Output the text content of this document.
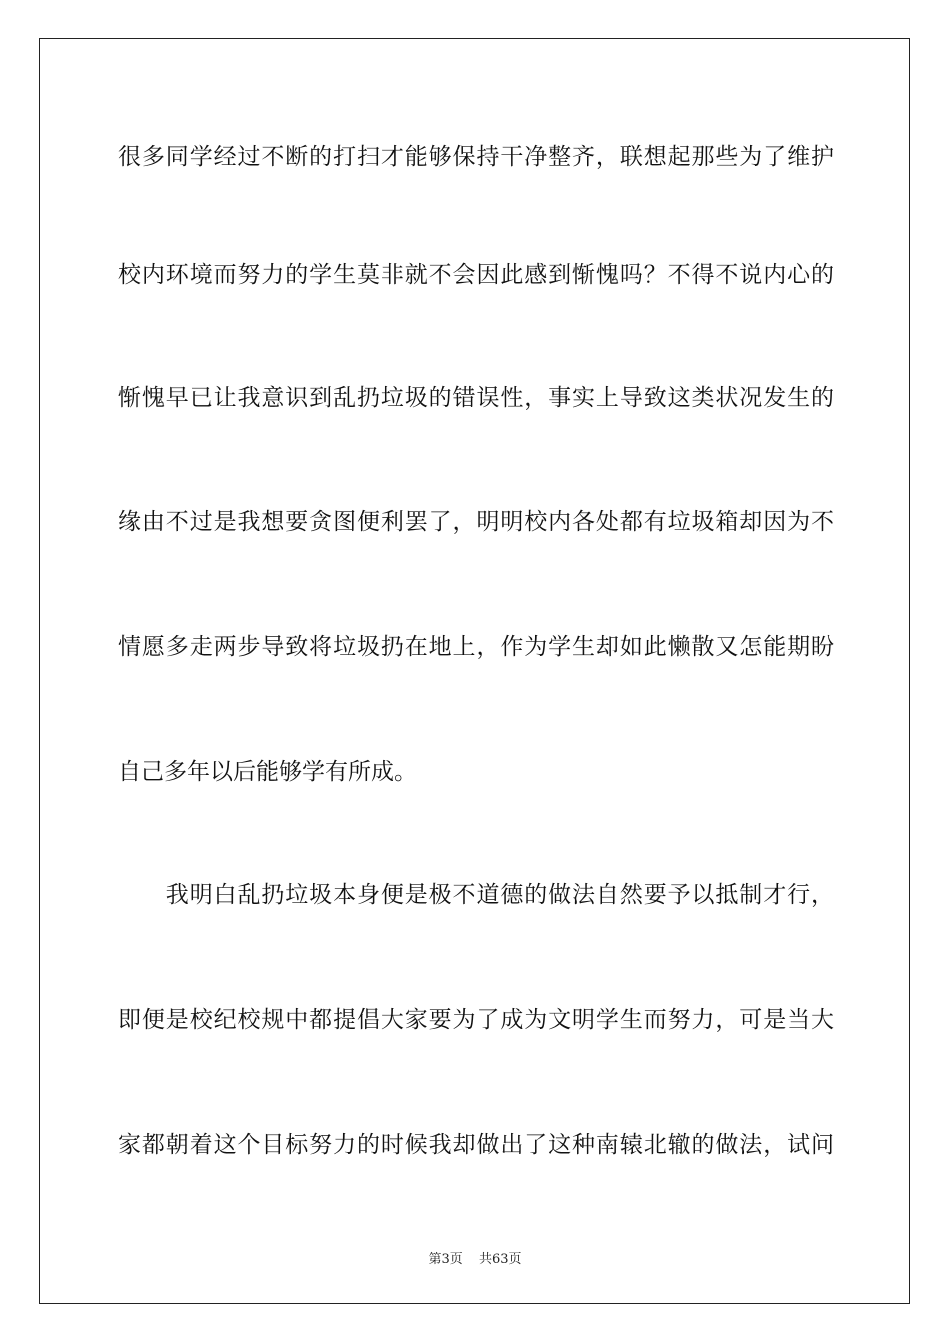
很多同学经过不断的打扫才能够保持干净整齐，联想起那些为了维护
校内环境而努力的学生莫非就不会因此感到惭愧吗？不得不说内心的
惭愧早已让我意识到乱扔垃圾的错误性，事实上导致这类状况发生的
缘由不过是我想要贪图便利罢了，明明校内各处都有垃圾箱却因为不
情愿多走两步导致将垃圾扔在地上，作为学生却如此懒散又怎能期盼
自己多年以后能够学有所成。
　　我明白乱扔垃圾本身便是极不道德的做法自然要予以抵制才行，
即便是校纪校规中都提倡大家要为了成为文明学生而努力，可是当大
家都朝着这个目标努力的时候我却做出了这种南辕北辙的做法，试问
第3页 共63页
